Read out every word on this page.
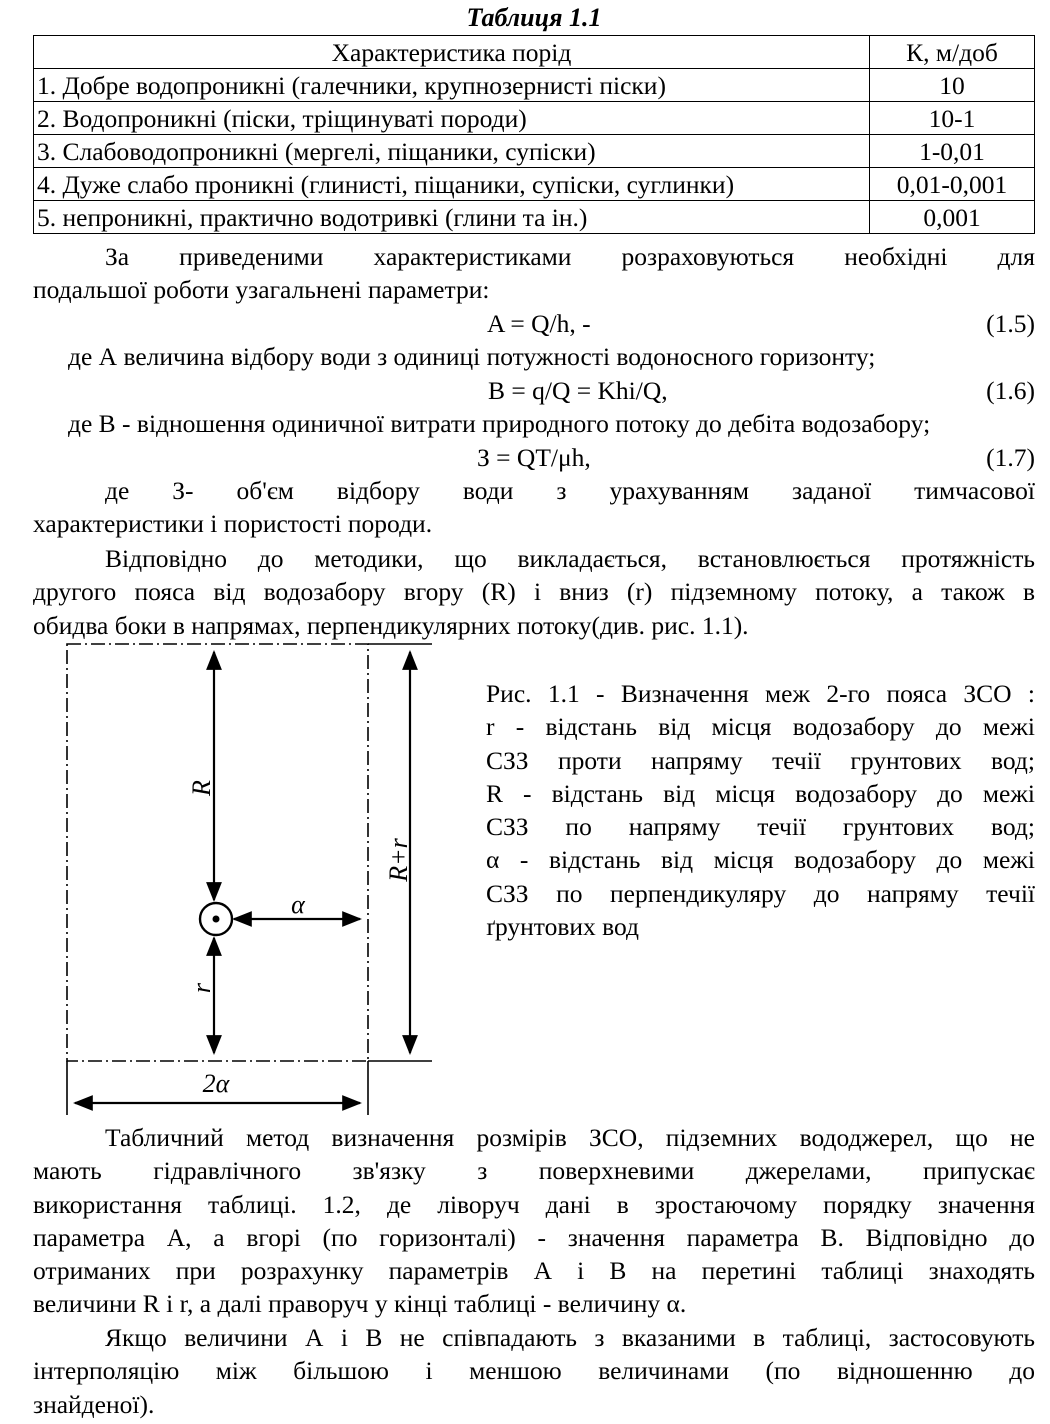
Таблиця 1.1
Характеристика порід	К, м/доб
1. Добре водопроникні (галечники, крупнозернисті піски)	10
2. Водопроникні (піски, тріщинуваті породи)	10-1
3. Слабоводопроникні (мергелі, піщаники, супіски)	1-0,01
4. Дуже слабо проникні (глинисті, піщаники, супіски, суглинки)	0,01-0,001
5. непроникні, практично водотривкі (глини та ін.)	0,001
За приведеними характеристиками розраховуються необхідні для
подальшої роботи узагальнені параметри:
A = Q/h, -	(1.5)
де А величина відбору води з одиниці потужності водоносного горизонту;
B = q/Q = Khi/Q,	(1.6)
де В - відношення одиничної витрати природного потоку до дебіта водозабору;
З = QT/μh,	(1.7)
де З- об'єм відбору води з урахуванням заданої тимчасової
характеристики і пористості породи.
Відповідно до методики, що викладається, встановлюється протяжність
другого пояса від водозабору вгору (R) і вниз (r) підземному потоку, а також в
обидва боки в напрямах, перпендикулярних потоку(див. рис. 1.1).
R
r
α
R+r
2α
Рис. 1.1 - Визначення меж 2-го пояса ЗСО :
r - відстань від місця водозабору до межі
СЗЗ проти напряму течії грунтових вод;
R - відстань від місця водозабору до межі
СЗЗ по напряму течії грунтових вод;
α - відстань від місця водозабору до межі
СЗЗ по перпендикуляру до напряму течії
ґрунтових вод
Табличний метод визначення розмірів ЗСО, підземних вододжерел, що не
мають гідравлічного зв'язку з поверхневими джерелами, припускає
використання таблиці. 1.2, де ліворуч дані в зростаючому порядку значення
параметра А, а вгорі (по горизонталі) - значення параметра В. Відповідно до
отриманих при розрахунку параметрів А і В на перетині таблиці знаходять
величини R і r, а далі праворуч у кінці таблиці - величину α.
Якщо величини А і В не співпадають з вказаними в таблиці, застосовують
інтерполяцію між більшою і меншою величинами (по відношенню до
знайденої).
